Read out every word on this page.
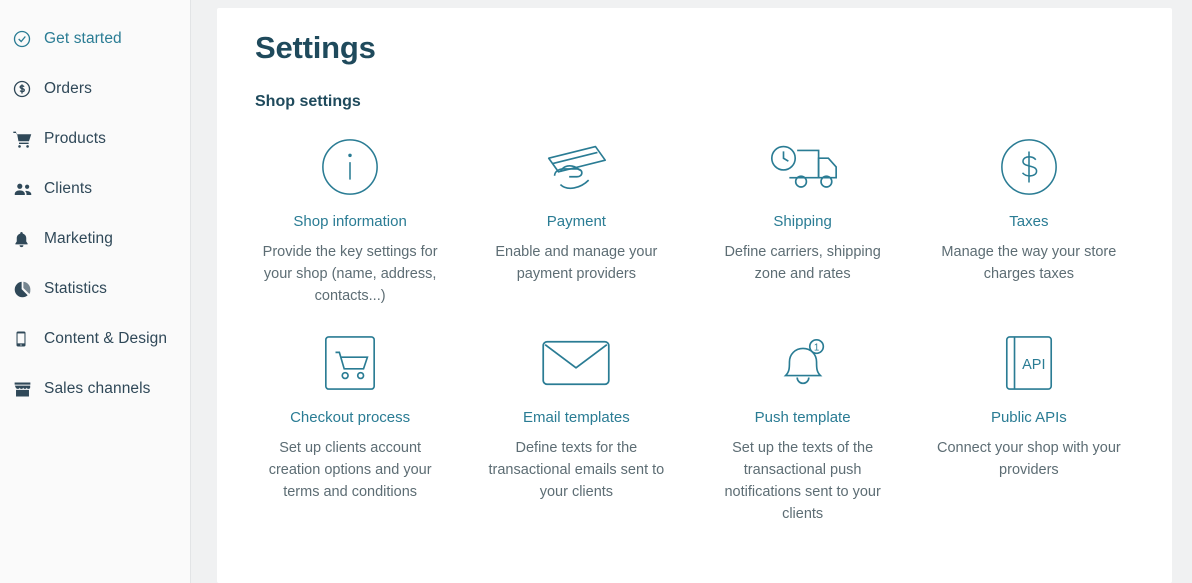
Get started
Orders
Products
Clients
Marketing
Statistics
Content & Design
Sales channels
Settings
Shop settings
Shop information
Provide the key settings for your shop (name, address, contacts...)
Payment
Enable and manage your payment providers
Shipping
Define carriers, shipping zone and rates
Taxes
Manage the way your store charges taxes
Checkout process
Set up clients account creation options and your terms and conditions
Email templates
Define texts for the transactional emails sent to your clients
1
Push template
Set up the texts of the transactional push notifications sent to your clients
API
Public APIs
Connect your shop with your providers
